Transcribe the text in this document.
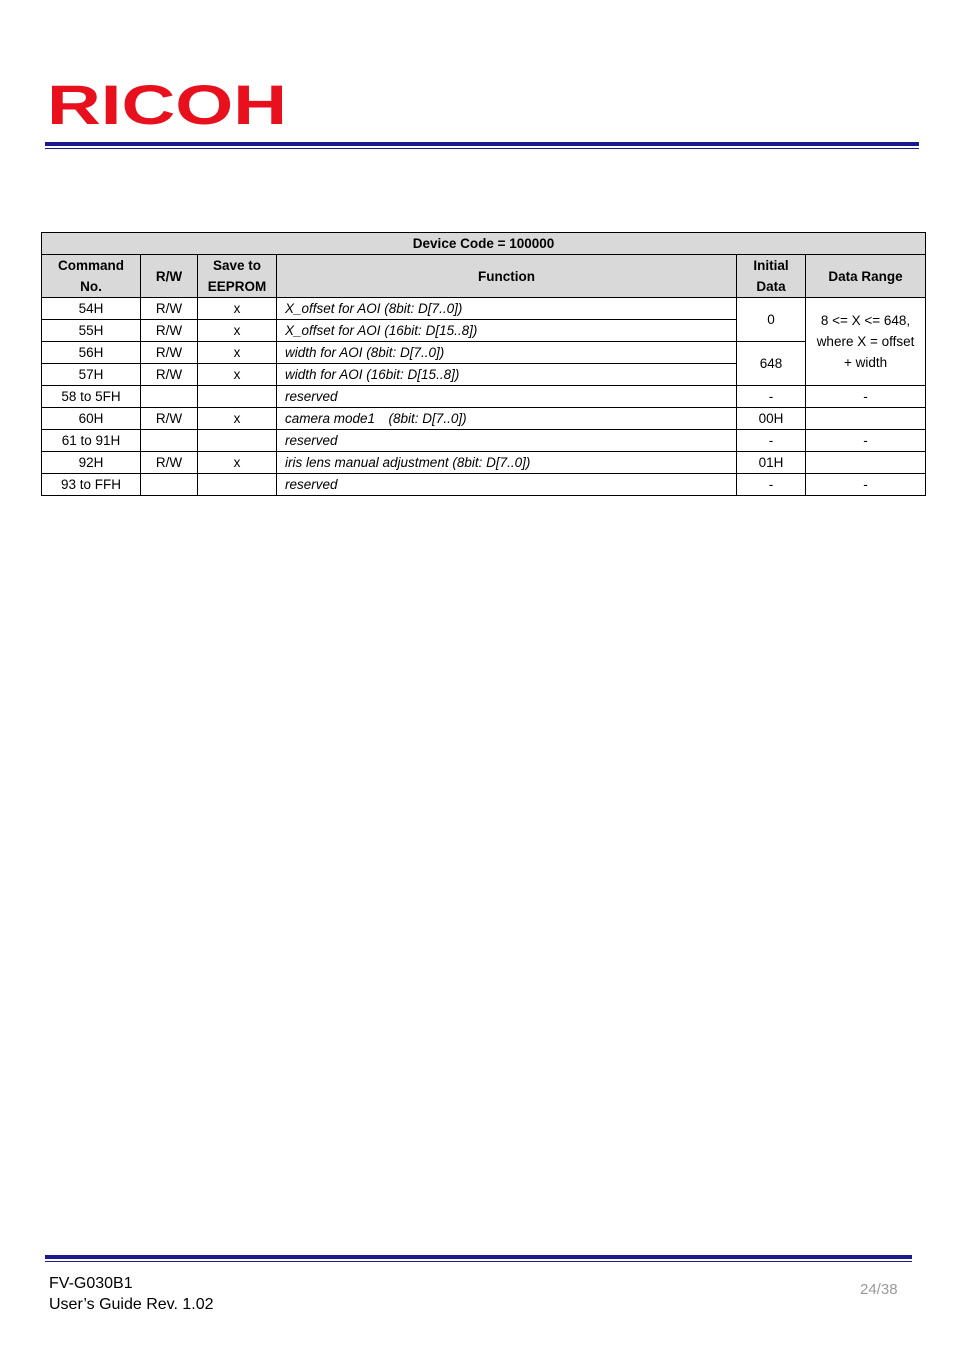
RICOH
Device Code = 100000					
Command No.	R/W	Save to EEPROM	Function	Initial Data	Data Range
54H	R/W	x	X_offset for AOI (8bit: D[7..0])	0	8 <= X <= 648, where X = offset + width
55H	R/W	x	X_offset for AOI (16bit: D[15..8])		
56H	R/W	x	width for AOI (8bit: D[7..0])	648	
57H	R/W	x	width for AOI (16bit: D[15..8])		
58 to 5FH			reserved	-	-
60H	R/W	x	camera mode1　(8bit: D[7..0])	00H	
61 to 91H			reserved	-	-
92H	R/W	x	iris lens manual adjustment (8bit: D[7..0])	01H	
93 to FFH			reserved	-	-
FV-G030B1
User’s Guide Rev. 1.02
24/38
